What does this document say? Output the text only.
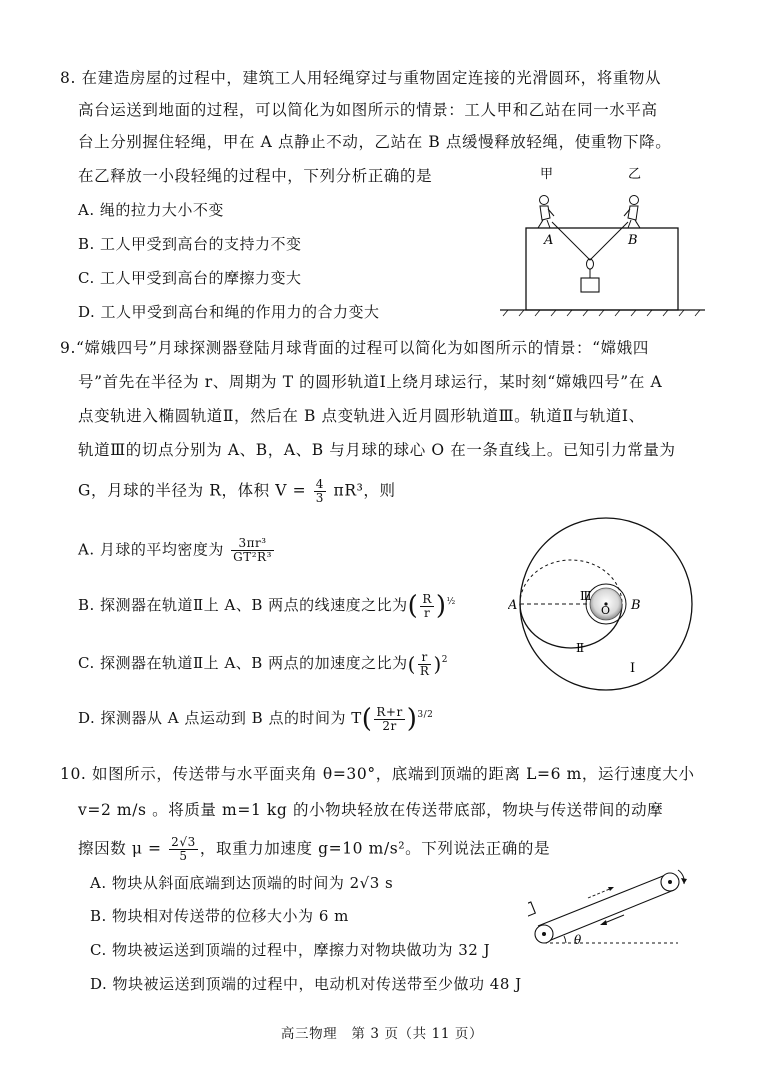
8. 在建造房屋的过程中，建筑工人用轻绳穿过与重物固定连接的光滑圆环，将重物从
高台运送到地面的过程，可以简化为如图所示的情景：工人甲和乙站在同一水平高
台上分别握住轻绳，甲在 A 点静止不动，乙站在 B 点缓慢释放轻绳，使重物下降。
在乙释放一小段轻绳的过程中，下列分析正确的是
A. 绳的拉力大小不变
B. 工人甲受到高台的支持力不变
C. 工人甲受到高台的摩擦力变大
D. 工人甲受到高台和绳的作用力的合力变大
甲	乙
A	B
9.“嫦娥四号”月球探测器登陆月球背面的过程可以简化为如图所示的情景：“嫦娥四
号”首先在半径为 r、周期为 T 的圆形轨道Ⅰ上绕月球运行，某时刻“嫦娥四号”在 A
点变轨进入椭圆轨道Ⅱ，然后在 B 点变轨进入近月圆形轨道Ⅲ。轨道Ⅱ与轨道Ⅰ、
轨道Ⅲ的切点分别为 A、B，A、B 与月球的球心 O 在一条直线上。已知引力常量为
G，月球的半径为 R，体积 $V = \frac{4}{3} \pi R^3$，则
A. 月球的平均密度为 $\frac{\text{3πr³}}{\text{GT²R³}}$
B. 探测器在轨道Ⅱ上 A、B 两点的线速度之比为( $\frac{R}{r} )^{\frac{1}{2}}$
C. 探测器在轨道Ⅱ上 A、B 两点的加速度之比为( $\frac{r}{R} )^2$
D. 探测器从 A 点运动到 B 点的时间为 $T( \frac{R+r}{2r} )^{3/2}$
O
A	B
Ⅲ
Ⅱ
Ⅰ
10. 如图所示，传送带与水平面夹角 θ=30°，底端到顶端的距离 L=6 m，运行速度大小
v=2 m/s 。将质量 m=1 kg 的小物块轻放在传送带底部，物块与传送带间的动摩
擦因数 $\mu = \frac{2√3}{5}$ ，取重力加速度 g=10 m/s²。下列说法正确的是
A. 物块从斜面底端到达顶端的时间为 2√3 s
B. 物块相对传送带的位移大小为 6 m
C. 物块被运送到顶端的过程中，摩擦力对物块做功为 32 J
D. 物块被运送到顶端的过程中，电动机对传送带至少做功 48 J
θ
高三物理　第 3 页（共 11 页）
